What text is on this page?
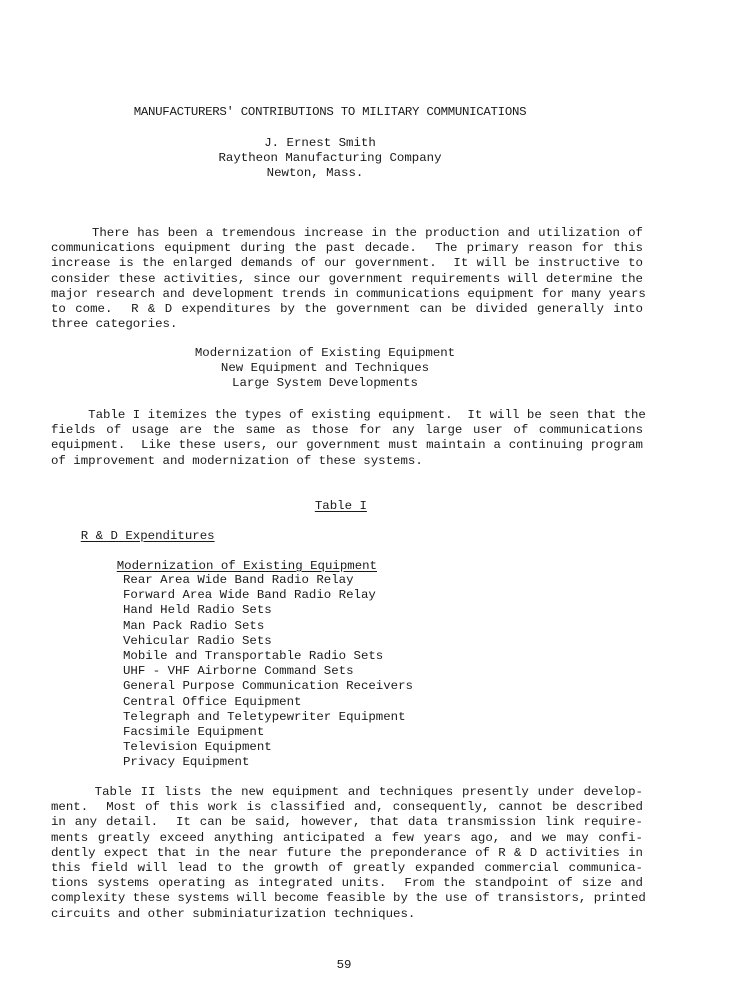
MANUFACTURERS' CONTRIBUTIONS TO MILITARY COMMUNICATIONS
J. Ernest Smith
Raytheon Manufacturing Company
Newton, Mass.
There has been a tremendous increase in the production and utilization of
communications equipment during the past decade.  The primary reason for this
increase is the enlarged demands of our government.  It will be instructive to
consider these activities, since our government requirements will determine the
major research and development trends in communications equipment for many years
to come.  R & D expenditures by the government can be divided generally into
three categories.
Modernization of Existing Equipment
New Equipment and Techniques
Large System Developments
Table I itemizes the types of existing equipment.  It will be seen that the
fields of usage are the same as those for any large user of communications
equipment.  Like these users, our government must maintain a continuing program
of improvement and modernization of these systems.

Table I

R & D Expenditures

Modernization of Existing Equipment

Rear Area Wide Band Radio Relay
Forward Area Wide Band Radio Relay
Hand Held Radio Sets
Man Pack Radio Sets
Vehicular Radio Sets
Mobile and Transportable Radio Sets
UHF - VHF Airborne Command Sets
General Purpose Communication Receivers
Central Office Equipment
Telegraph and Teletypewriter Equipment
Facsimile Equipment
Television Equipment
Privacy Equipment
Table II lists the new equipment and techniques presently under develop-
ment.  Most of this work is classified and, consequently, cannot be described
in any detail.  It can be said, however, that data transmission link require-
ments greatly exceed anything anticipated a few years ago, and we may confi-
dently expect that in the near future the preponderance of R & D activities in
this field will lead to the growth of greatly expanded commercial communica-
tions systems operating as integrated units.  From the standpoint of size and
complexity these systems will become feasible by the use of transistors, printed
circuits and other subminiaturization techniques.
59
